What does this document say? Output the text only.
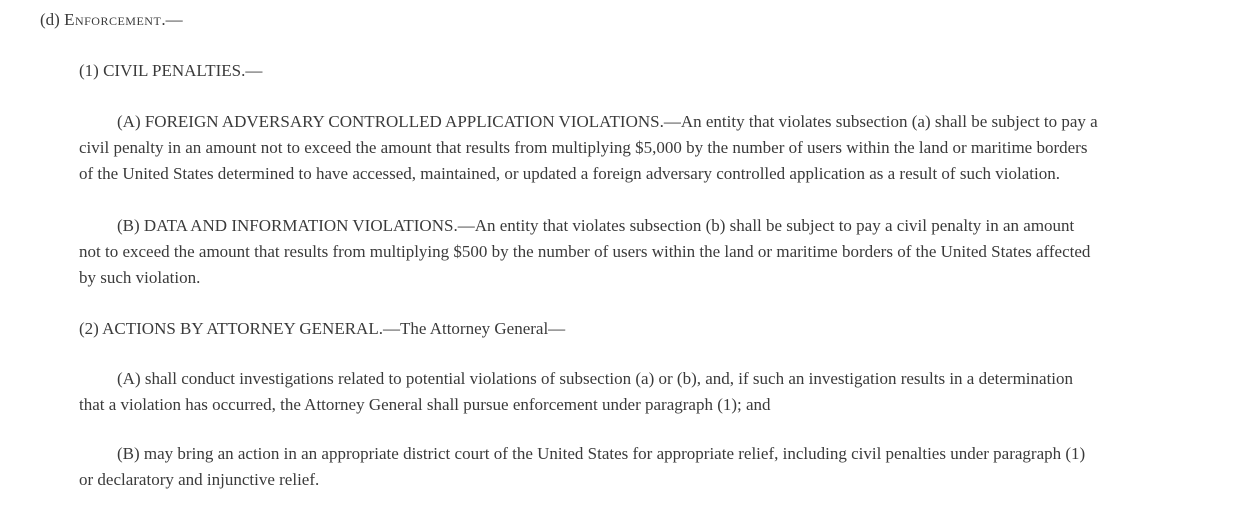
(d) Enforcement.—

(1) CIVIL PENALTIES.—

(A) FOREIGN ADVERSARY CONTROLLED APPLICATION VIOLATIONS.—An entity that violates subsection (a) shall be subject to pay a
civil penalty in an amount not to exceed the amount that results from multiplying $5,000 by the number of users within the land or maritime borders
of the United States determined to have accessed, maintained, or updated a foreign adversary controlled application as a result of such violation.
(B) DATA AND INFORMATION VIOLATIONS.—An entity that violates subsection (b) shall be subject to pay a civil penalty in an amount
not to exceed the amount that results from multiplying $500 by the number of users within the land or maritime borders of the United States affected
by such violation.

(2) ACTIONS BY ATTORNEY GENERAL.—The Attorney General—

(A) shall conduct investigations related to potential violations of subsection (a) or (b), and, if such an investigation results in a determination
that a violation has occurred, the Attorney General shall pursue enforcement under paragraph (1); and
(B) may bring an action in an appropriate district court of the United States for appropriate relief, including civil penalties under paragraph (1)
or declaratory and injunctive relief.
